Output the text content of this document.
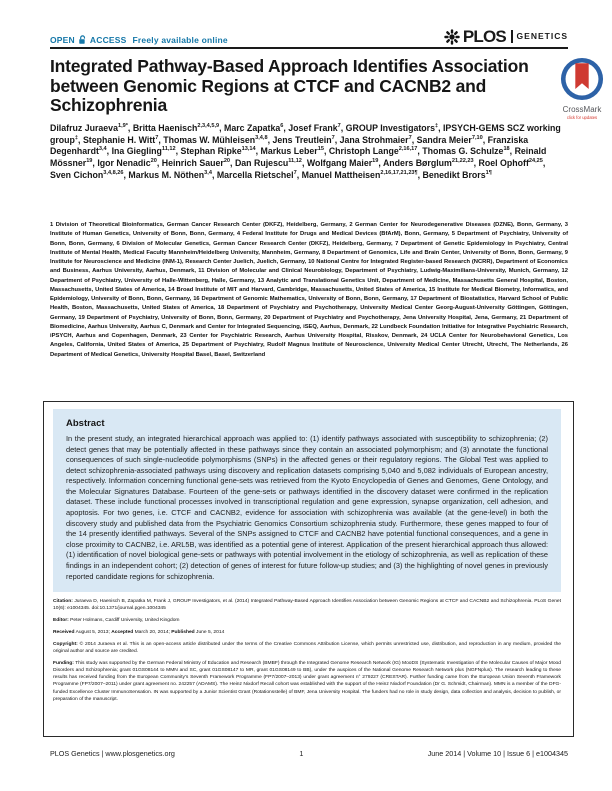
OPEN ACCESS Freely available online	PLOS GENETICS
Integrated Pathway-Based Approach Identifies Association between Genomic Regions at CTCF and CACNB2 and Schizophrenia	CrossMark
click for updates

Dilafruz Juraeva$^{1,9*}$, Britta Haenisch$^{2,3,4,5,9}$, Marc Zapatka$^6$, Josef Frank$^7$, GROUP Investigators‡, IPSYCH-GEMS SCZ working group‡, Stephanie H. Witt$^7$, Thomas W. Mühleisen$^{3,4,8}$, Jens Treutlein$^7$, Jana Strohmaier$^7$, Sandra Meier$^{7,10}$, Franziska Degenhardt$^{3,4}$, Ina Giegling$^{11,12}$, Stephan Ripke$^{13,14}$, Markus Leber$^{15}$, Christoph Lange$^{2,16,17}$, Thomas G. Schulze$^{18}$, Reinald Mössner$^{19}$, Igor Nenadic$^{20}$, Heinrich Sauer$^{20}$, Dan Rujescu$^{11,12}$, Wolfgang Maier$^{19}$, Anders Børglum$^{21,22,23}$, Roel Ophoff$^{24,25}$, Sven Cichon$^{3,4,8,26}$, Markus M. Nöthen$^{3,4}$, Marcella Rietschel$^7$, Manuel Mattheisen$^{2,16,17,21,23\P}$, Benedikt Brors$^{1\P}$

1 Division of Theoretical Bioinformatics, German Cancer Research Center (DKFZ), Heidelberg, Germany, 2 German Center for Neurodegenerative Diseases (DZNE), Bonn, Germany, 3 Institute of Human Genetics, University of Bonn, Bonn, Germany, 4 Federal Institute for Drugs and Medical Devices (BfArM), Bonn, Germany, 5 Department of Psychiatry, University of Bonn, Bonn, Germany, 6 Division of Molecular Genetics, German Cancer Research Center (DKFZ), Heidelberg, Germany, 7 Department of Genetic Epidemiology in Psychiatry, Central Institute of Mental Health, Medical Faculty Mannheim/Heidelberg University, Mannheim, Germany, 8 Department of Genomics, Life and Brain Center, University of Bonn, Bonn, Germany, 9 Institute for Neuroscience and Medicine (INM-1), Research Center Juelich, Juelich, Germany, 10 National Centre for Integrated Register-based Research (NCRR), Department of Economics and Business, Aarhus University, Aarhus, Denmark, 11 Division of Molecular and Clinical Neurobiology, Department of Psychiatry, Ludwig-Maximilians-University, Munich, Germany, 12 Department of Psychiatry, University of Halle-Wittenberg, Halle, Germany, 13 Analytic and Translational Genetics Unit, Department of Medicine, Massachusetts General Hospital, Boston, Massachusetts, United States of America, 14 Broad Institute of MIT and Harvard, Cambridge, Massachusetts, United States of America, 15 Institute for Medical Biometry, Informatics, and Epidemiology, University of Bonn, Bonn, Germany, 16 Department of Genomic Mathematics, University of Bonn, Bonn, Germany, 17 Department of Biostatistics, Harvard School of Public Health, Boston, Massachusetts, United States of America, 18 Department of Psychiatry and Psychotherapy, University Medical Center Georg-August-University Göttingen, Göttingen, Germany, 19 Department of Psychiatry, University of Bonn, Bonn, Germany, 20 Department of Psychiatry and Psychotherapy, Jena University Hospital, Jena, Germany, 21 Department of Biomedicine, Aarhus University, Aarhus C, Denmark and Center for Integrated Sequencing, iSEQ, Aarhus, Denmark, 22 Lundbeck Foundation Initiative for Integrative Psychiatric Research, iPSYCH, Aarhus and Copenhagen, Denmark, 23 Center for Psychiatric Research, Aarhus University Hospital, Risskov, Denmark, 24 UCLA Center for Neurobehavioral Genetics, Los Angeles, California, United States of America, 25 Department of Psychiatry, Rudolf Magnus Institute of Neuroscience, University Medical Center Utrecht, Utrecht, The Netherlands, 26 Department of Medical Genetics, University Hospital Basel, Basel, Switzerland

Abstract

In the present study, an integrated hierarchical approach was applied to: (1) identify pathways associated with susceptibility to schizophrenia; (2) detect genes that may be potentially affected in these pathways since they contain an associated polymorphism; and (3) annotate the functional consequences of such single-nucleotide polymorphisms (SNPs) in the affected genes or their regulatory regions. The Global Test was applied to detect schizophrenia-associated pathways using discovery and replication datasets comprising 5,040 and 5,082 individuals of European ancestry, respectively. Information concerning functional gene-sets was retrieved from the Kyoto Encyclopedia of Genes and Genomes, Gene Ontology, and the Molecular Signatures Database. Fourteen of the gene-sets or pathways identified in the discovery dataset were confirmed in the replication dataset. These include functional processes involved in transcriptional regulation and gene expression, synapse organization, cell adhesion, and apoptosis. For two genes, i.e. CTCF and CACNB2, evidence for association with schizophrenia was available (at the gene-level) in both the discovery study and published data from the Psychiatric Genomics Consortium schizophrenia study. Furthermore, these genes mapped to four of the 14 presently identified pathways. Several of the SNPs assigned to CTCF and CACNB2 have potential functional consequences, and a gene in close proximity to CACNB2, i.e. ARL5B, was identified as a potential gene of interest. Application of the present hierarchical approach thus allowed: (1) identification of novel biological gene-sets or pathways with potential involvement in the etiology of schizophrenia, as well as replication of these findings in an independent cohort; (2) detection of genes of interest for future follow-up studies; and (3) the highlighting of novel genes in previously reported candidate regions for schizophrenia.

Citation: Juraeva D, Haenisch B, Zapatka M, Frank J, GROUP Investigators, et al. (2014) Integrated Pathway-Based Approach Identifies Association between Genomic Regions at CTCF and CACNB2 and Schizophrenia. PLoS Genet 10(6): e1004345. doi:10.1371/journal.pgen.1004345

Editor: Peter Holmans, Cardiff University, United Kingdom

Received August 5, 2013; Accepted March 20, 2014; Published June 5, 2014

Copyright: © 2014 Juraeva et al. This is an open-access article distributed under the terms of the Creative Commons Attribution License, which permits unrestricted use, distribution, and reproduction in any medium, provided the original author and source are credited.

Funding: This study was supported by the German Federal Ministry of Education and Research (BMBF) through the Integrated Genome Research Network (IG) MooDS (Systematic Investigation of the Molecular Causes of Major Mood Disorders and Schizophrenia; grant 01GS08144 to MMN and SC, grant 01GS08147 to MR, grant 01GS08149 to BB), under the auspices of the National Genome Research Network plus (NGFNplus). The research leading to these results has received funding from the European Community's Seventh Framework Programme (FP7/2007–2013) under grant agreement n° 279227 (CRESTAR). Further funding came from the European Union Seventh Framework Programme (FP7/2007–2011) under grant agreement no. 242257 (ADAMS). The Heinz Nixdorf Recall cohort was established with the support of the Heinz Nixdorf Foundation (Dr G. Schmidt, Chairman). MMN is a member of the DFG-funded Excellence Cluster ImmunoSensation. IN was supported by a Junior Scientist Grant (Rotationsstelle) of BMF, Jena University Hospital. The funders had no role in study design, data collection and analysis, decision to publish, or preparation of the manuscript.

PLOS Genetics | www.plosgenetics.org	1	June 2014 | Volume 10 | Issue 6 | e1004345
